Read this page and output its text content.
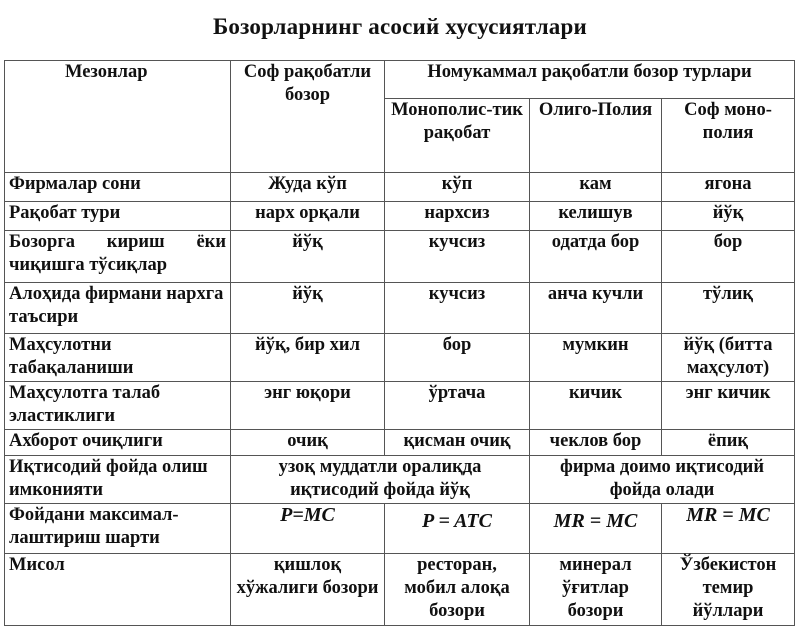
Бозорларнинг асосий хусусиятлари
Мезонлар	Соф рақобатли бозор	Номукаммал рақобатли бозор турлари		
		Монополис-тик рақобат	Олиго-Полия	Соф моно-полия
Фирмалар сони	Жуда кўп	кўп	кам	ягона
Рақобат тури	нарх орқали	нархсиз	келишув	йўқ
Бозорга кириш ёки чиқишга тўсиқлар	йўқ	кучсиз	одатда бор	бор
Алоҳида фирмани нархга таъсири	йўқ	кучсиз	анча кучли	тўлиқ
Маҳсулотни табақаланиши	йўқ, бир хил	бор	мумкин	йўқ (битта маҳсулот)
Маҳсулотга талаб эластиклиги	энг юқори	ўртача	кичик	энг кичик
Ахборот очиқлиги	очиқ	қисман очиқ	чеклов бор	ёпиқ
Иқтисодий фойда олиш имконияти	узоқ муддатли оралиқда иқтисодий фойда йўқ		фирма доимо иқтисодий фойда олади	
Фойдани максимал-лаштириш шарти	P=MC	P = ATC	MR = MC	MR = MC
Мисол	қишлоқ хўжалиги бозори	ресторан, мобил алоқа бозори	минерал ўғитлар бозори	Ўзбекистон темир йўллари
